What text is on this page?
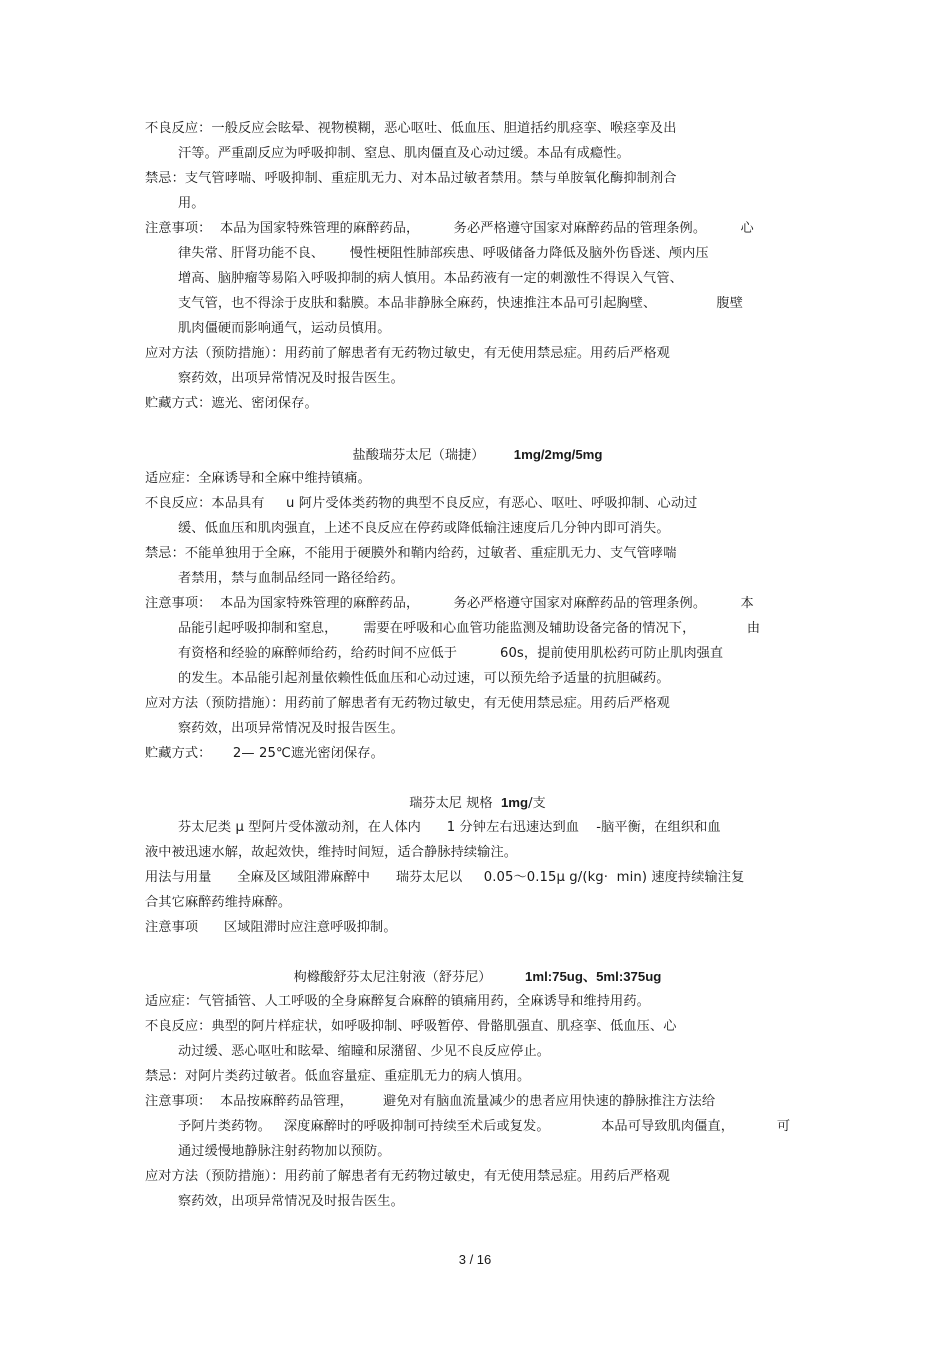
不良反应：一般反应会眩晕、视物模糊，恶心呕吐、低血压、胆道括约肌痉挛、喉痉挛及出
汗等。严重副反应为呼吸抑制、窒息、肌肉僵直及心动过缓。本品有成瘾性。

禁忌：支气管哮喘、呼吸抑制、重症肌无力、对本品过敏者禁用。禁与单胺氧化酶抑制剂合
用。

注意事项：  本品为国家特殊管理的麻醉药品，        务必严格遵守国家对麻醉药品的管理条例。        心
律失常、肝肾功能不良、      慢性梗阻性肺部疾患、呼吸储备力降低及脑外伤昏迷、颅内压
增高、脑肿瘤等易陷入呼吸抑制的病人慎用。本品药液有一定的刺激性不得误入气管、
支气管，也不得涂于皮肤和黏膜。本品非静脉全麻药，快速推注本品可引起胸壁、              腹壁
肌肉僵硬而影响通气，运动员慎用。

应对方法（预防措施）：用药前了解患者有无药物过敏史，有无使用禁忌症。用药后严格观
察药效，出项异常情况及时报告医生。

贮藏方式：遮光、密闭保存。

盐酸瑞芬太尼（瑞捷） 1mg/2mg/5mg

适应症：全麻诱导和全麻中维持镇痛。

不良反应：本品具有     u 阿片受体类药物的典型不良反应，有恶心、呕吐、呼吸抑制、心动过
缓、低血压和肌肉强直，上述不良反应在停药或降低输注速度后几分钟内即可消失。

禁忌：不能单独用于全麻，不能用于硬膜外和鞘内给药，过敏者、重症肌无力、支气管哮喘
者禁用，禁与血制品经同一路径给药。

注意事项：  本品为国家特殊管理的麻醉药品，        务必严格遵守国家对麻醉药品的管理条例。        本
品能引起呼吸抑制和窒息，      需要在呼吸和心血管功能监测及辅助设备完备的情况下，            由
有资格和经验的麻醉师给药，给药时间不应低于          60s，提前使用肌松药可防止肌肉强直
的发生。本品能引起剂量依赖性低血压和心动过速，可以预先给予适量的抗胆碱药。

应对方法（预防措施）：用药前了解患者有无药物过敏史，有无使用禁忌症。用药后严格观
察药效，出项异常情况及时报告医生。

贮藏方式：     2— 25℃遮光密闭保存。

瑞芬太尼 规格 1mg/支

芬太尼类 μ 型阿片受体激动剂，在人体内      1 分钟左右迅速达到血    -脑平衡，在组织和血
液中被迅速水解，故起效快，维持时间短，适合静脉持续输注。

用法与用量      全麻及区域阻滞麻醉中      瑞芬太尼以     0.05～0.15μ g/(kg·  min) 速度持续输注复
合其它麻醉药维持麻醉。

注意事项      区域阻滞时应注意呼吸抑制。

枸橼酸舒芬太尼注射液（舒芬尼）	1ml:75ug、5ml:375ug

适应症：气管插管、人工呼吸的全身麻醉复合麻醉的镇痛用药，全麻诱导和维持用药。

不良反应：典型的阿片样症状，如呼吸抑制、呼吸暂停、骨骼肌强直、肌痉挛、低血压、心
动过缓、恶心呕吐和眩晕、缩瞳和尿潴留、少见不良反应停止。

禁忌：对阿片类药过敏者。低血容量症、重症肌无力的病人慎用。

注意事项：  本品按麻醉药品管理，       避免对有脑血流量减少的患者应用快速的静脉推注方法给
予阿片类药物。   深度麻醉时的呼吸抑制可持续至术后或复发。            本品可导致肌肉僵直，          可
通过缓慢地静脉注射药物加以预防。

应对方法（预防措施）：用药前了解患者有无药物过敏史，有无使用禁忌症。用药后严格观
察药效，出项异常情况及时报告医生。

3 / 16
